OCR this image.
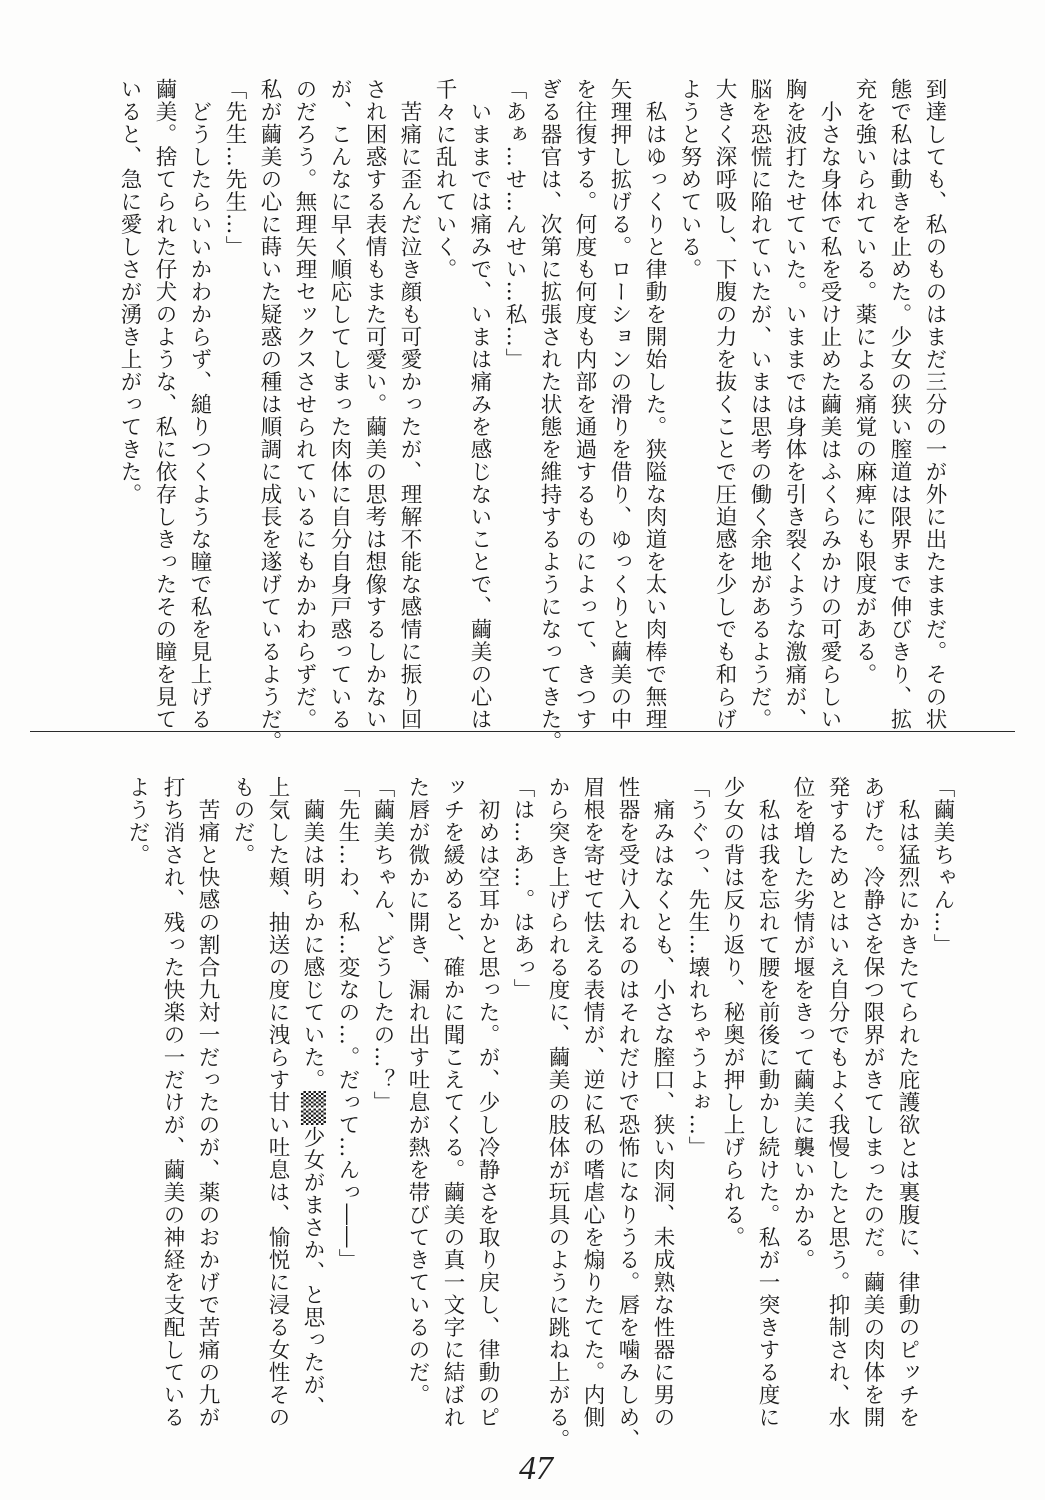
到達しても、私のものはまだ三分の一が外に出たままだ。その状
態で私は動きを止めた。少女の狭い膣道は限界まで伸びきり、拡
充を強いられている。薬による痛覚の麻痺にも限度がある。
　小さな身体で私を受け止めた繭美はふくらみかけの可愛らしい
胸を波打たせていた。いままでは身体を引き裂くような激痛が、
脳を恐慌に陥れていたが、いまは思考の働く余地があるようだ。
大きく深呼吸し、下腹の力を抜くことで圧迫感を少しでも和らげ
ようと努めている。
　私はゆっくりと律動を開始した。狭隘な肉道を太い肉棒で無理
矢理押し拡げる。ローションの滑りを借り、ゆっくりと繭美の中
を往復する。何度も何度も内部を通過するものによって、きつす
ぎる器官は、次第に拡張された状態を維持するようになってきた。
「あぁ…せ…んせい…私…」
　いままでは痛みで、いまは痛みを感じないことで、繭美の心は
千々に乱れていく。
　苦痛に歪んだ泣き顔も可愛かったが、理解不能な感情に振り回
され困惑する表情もまた可愛い。繭美の思考は想像するしかない
が、こんなに早く順応してしまった肉体に自分自身戸惑っている
のだろう。無理矢理セックスさせられているにもかかわらずだ。
私が繭美の心に蒔いた疑惑の種は順調に成長を遂げているようだ。
「先生…先生…」
　どうしたらいいかわからず、縋りつくような瞳で私を見上げる
繭美。捨てられた仔犬のような、私に依存しきったその瞳を見て
いると、急に愛しさが湧き上がってきた。
「繭美ちゃん…」
　私は猛烈にかきたてられた庇護欲とは裏腹に、律動のピッチを
あげた。冷静さを保つ限界がきてしまったのだ。繭美の肉体を開
発するためとはいえ自分でもよく我慢したと思う。抑制され、水
位を増した劣情が堰をきって繭美に襲いかかる。
　私は我を忘れて腰を前後に動かし続けた。私が一突きする度に
少女の背は反り返り、秘奥が押し上げられる。
「うぐっ、先生…壊れちゃうよぉ…」
　痛みはなくとも、小さな膣口、狭い肉洞、未成熟な性器に男の
性器を受け入れるのはそれだけで恐怖になりうる。唇を噛みしめ、
眉根を寄せて怯える表情が、逆に私の嗜虐心を煽りたてた。内側
から突き上げられる度に、繭美の肢体が玩具のように跳ね上がる。
「は…あ…。はあっ」
　初めは空耳かと思った。が、少し冷静さを取り戻し、律動のピ
ッチを緩めると、確かに聞こえてくる。繭美の真一文字に結ばれ
た唇が微かに開き、漏れ出す吐息が熱を帯びてきているのだ。
「繭美ちゃん、どうしたの…？」
「先生…わ、私…変なの…。だって…んっ――」
　繭美は明らかに感じていた。▒▒少女がまさか、と思ったが、
上気した頬、抽送の度に洩らす甘い吐息は、愉悦に浸る女性その
ものだ。
　苦痛と快感の割合九対一だったのが、薬のおかげで苦痛の九が
打ち消され、残った快楽の一だけが、繭美の神経を支配している
ようだ。
47
